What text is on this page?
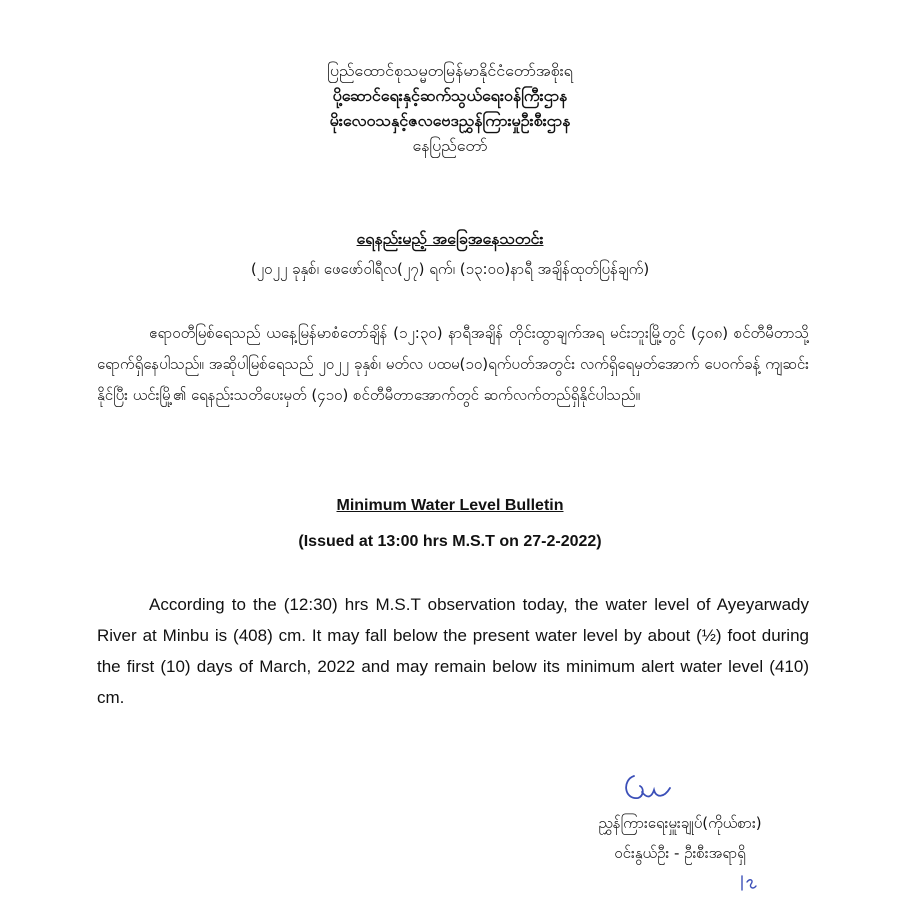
ပြည်ထောင်စုသမ္မတမြန်မာနိုင်ငံတော်အစိုးရ
ပို့ဆောင်ရေးနှင့်ဆက်သွယ်ရေးဝန်ကြီးဌာန
မိုးလေဝသနှင့်ဇလဗေဒညွှန်ကြားမှုဦးစီးဌာန
နေပြည်တော်
ရေနည်းမည့် အခြေအနေသတင်း
(၂၀၂၂ ခုနှစ်၊ ဖေဖော်ဝါရီလ(၂၇) ရက်၊ (၁၃:၀၀)နာရီ အချိန်ထုတ်ပြန်ချက်)
ဧရာဝတီမြစ်ရေသည် ယနေ့မြန်မာစံတော်ချိန် (၁၂:၃၀) နာရီအချိန် တိုင်းထွာချက်အရ မင်းဘူးမြို့တွင် (၄၀၈) စင်တီမီတာသို့ ရောက်ရှိနေပါသည်။ အဆိုပါမြစ်ရေသည် ၂၀၂၂ ခုနှစ်၊ မတ်လ ပထမ(၁၀)ရက်ပတ်အတွင်း လက်ရှိရေမှတ်အောက် ပေဝက်ခန့် ကျဆင်းနိုင်ပြီး ယင်းမြို့၏ ရေနည်းသတိပေးမှတ် (၄၁၀) စင်တီမီတာအောက်တွင် ဆက်လက်တည်ရှိနိုင်ပါသည်။
Minimum Water Level Bulletin
(Issued at 13:00 hrs M.S.T on 27-2-2022)
According to the (12:30) hrs M.S.T observation today, the water level of Ayeyarwady River at Minbu is (408) cm. It may fall below the present water level by about (½) foot during the first (10) days of March, 2022 and may remain below its minimum alert water level (410) cm.
ညွှန်ကြားရေးမှူးချုပ်(ကိုယ်စား)
ဝင်းနွယ်ဦး - ဦးစီးအရာရှိ
